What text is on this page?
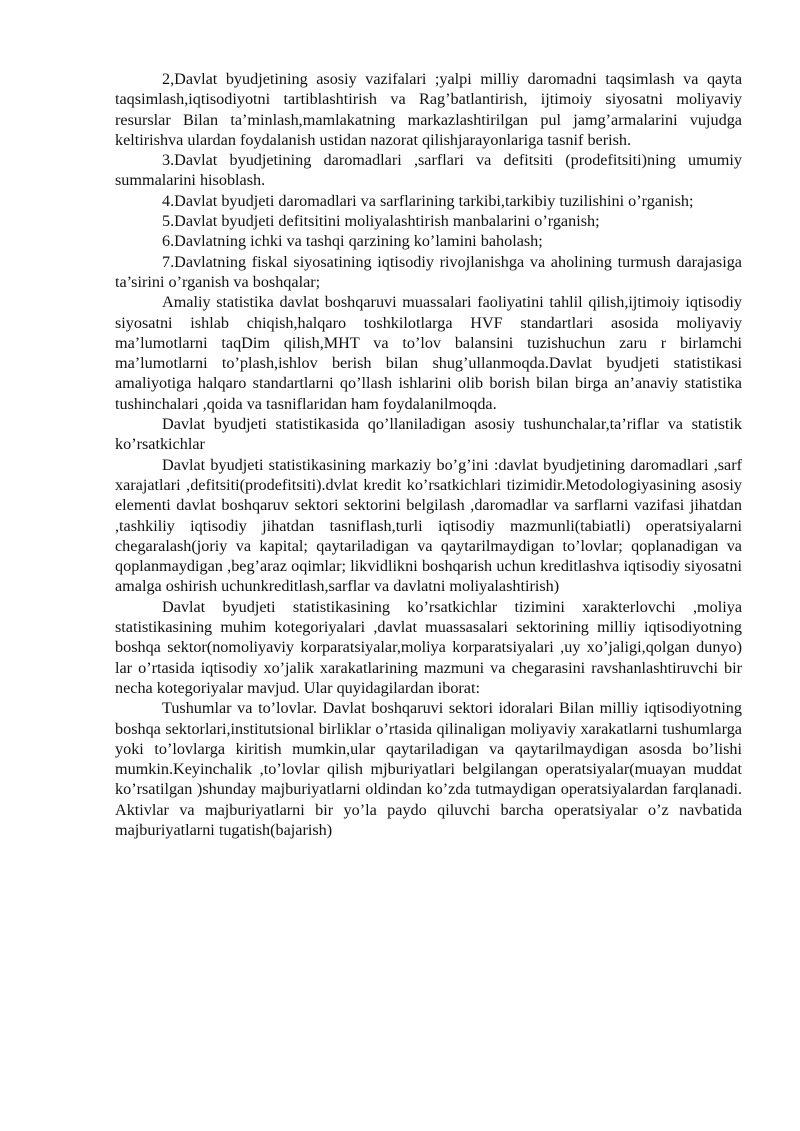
2,Davlat byudjetining asosiy vazifalari ;yalpi milliy daromadni taqsimlash va qayta taqsimlash,iqtisodiyotni tartiblashtirish va Rag’batlantirish, ijtimoiy siyosatni moliyaviy resurslar Bilan ta’minlash,mamlakatning markazlashtirilgan pul jamg’armalarini vujudga keltirishva ulardan foydalanish ustidan nazorat qilishjarayonlariga tasnif berish.

3.Davlat byudjetining daromadlari ,sarflari va defitsiti (prodefitsiti)ning umumiy summalarini hisoblash.

4.Davlat byudjeti daromadlari va sarflarining tarkibi,tarkibiy tuzilishini o’rganish;

5.Davlat byudjeti defitsitini moliyalashtirish manbalarini o’rganish;

6.Davlatning ichki va tashqi qarzining ko’lamini baholash;

7.Davlatning fiskal siyosatining iqtisodiy rivojlanishga va aholining turmush darajasiga ta’sirini o’rganish va boshqalar;

Amaliy statistika davlat boshqaruvi muassalari faoliyatini tahlil qilish,ijtimoiy iqtisodiy siyosatni ishlab chiqish,halqaro toshkilotlarga HVF standartlari asosida moliyaviy ma’lumotlarni taqDim qilish,MHT va to’lov balansini tuzishuchun zaru r birlamchi ma’lumotlarni to’plash,ishlov berish bilan shug’ullanmoqda.Davlat byudjeti statistikasi amaliyotiga halqaro standartlarni qo’llash ishlarini olib borish bilan birga an’anaviy statistika tushinchalari ,qoida va tasniflaridan ham foydalanilmoqda.

Davlat byudjeti statistikasida qo’llaniladigan asosiy tushunchalar,ta’riflar va statistik ko’rsatkichlar

Davlat byudjeti statistikasining markaziy bo’g’ini :davlat byudjetining daromadlari ,sarf xarajatlari ,defitsiti(prodefitsiti).dvlat kredit ko’rsatkichlari tizimidir.Metodologiyasining asosiy elementi davlat boshqaruv sektori sektorini belgilash ,daromadlar va sarflarni vazifasi jihatdan ,tashkiliy iqtisodiy jihatdan tasniflash,turli iqtisodiy mazmunli(tabiatli) operatsiyalarni chegaralash(joriy va kapital; qaytariladigan va qaytarilmaydigan to’lovlar; qoplanadigan va qoplanmaydigan ,beg’araz oqimlar; likvidlikni boshqarish uchun kreditlashva iqtisodiy siyosatni amalga oshirish uchunkreditlash,sarflar va davlatni moliyalashtirish)

Davlat byudjeti statistikasining ko’rsatkichlar tizimini xarakterlovchi ,moliya statistikasining muhim kotegoriyalari ,davlat muassasalari sektorining milliy iqtisodiyotning boshqa sektor(nomoliyaviy korparatsiyalar,moliya korparatsiyalari ,uy xo’jaligi,qolgan dunyo) lar o’rtasida iqtisodiy xo’jalik xarakatlarining mazmuni va chegarasini ravshanlashtiruvchi bir necha kotegoriyalar mavjud. Ular quyidagilardan iborat:

Tushumlar va to’lovlar. Davlat boshqaruvi sektori idoralari Bilan milliy iqtisodiyotning boshqa sektorlari,institutsional birliklar o’rtasida qilinaligan moliyaviy xarakatlarni tushumlarga yoki to’lovlarga kiritish mumkin,ular qaytariladigan va qaytarilmaydigan asosda bo’lishi mumkin.Keyinchalik ,to’lovlar qilish mjburiyatlari belgilangan operatsiyalar(muayan muddat ko’rsatilgan )shunday majburiyatlarni oldindan ko’zda tutmaydigan operatsiyalardan farqlanadi. Aktivlar va majburiyatlarni bir yo’la paydo qiluvchi barcha operatsiyalar o’z navbatida majburiyatlarni tugatish(bajarish)
